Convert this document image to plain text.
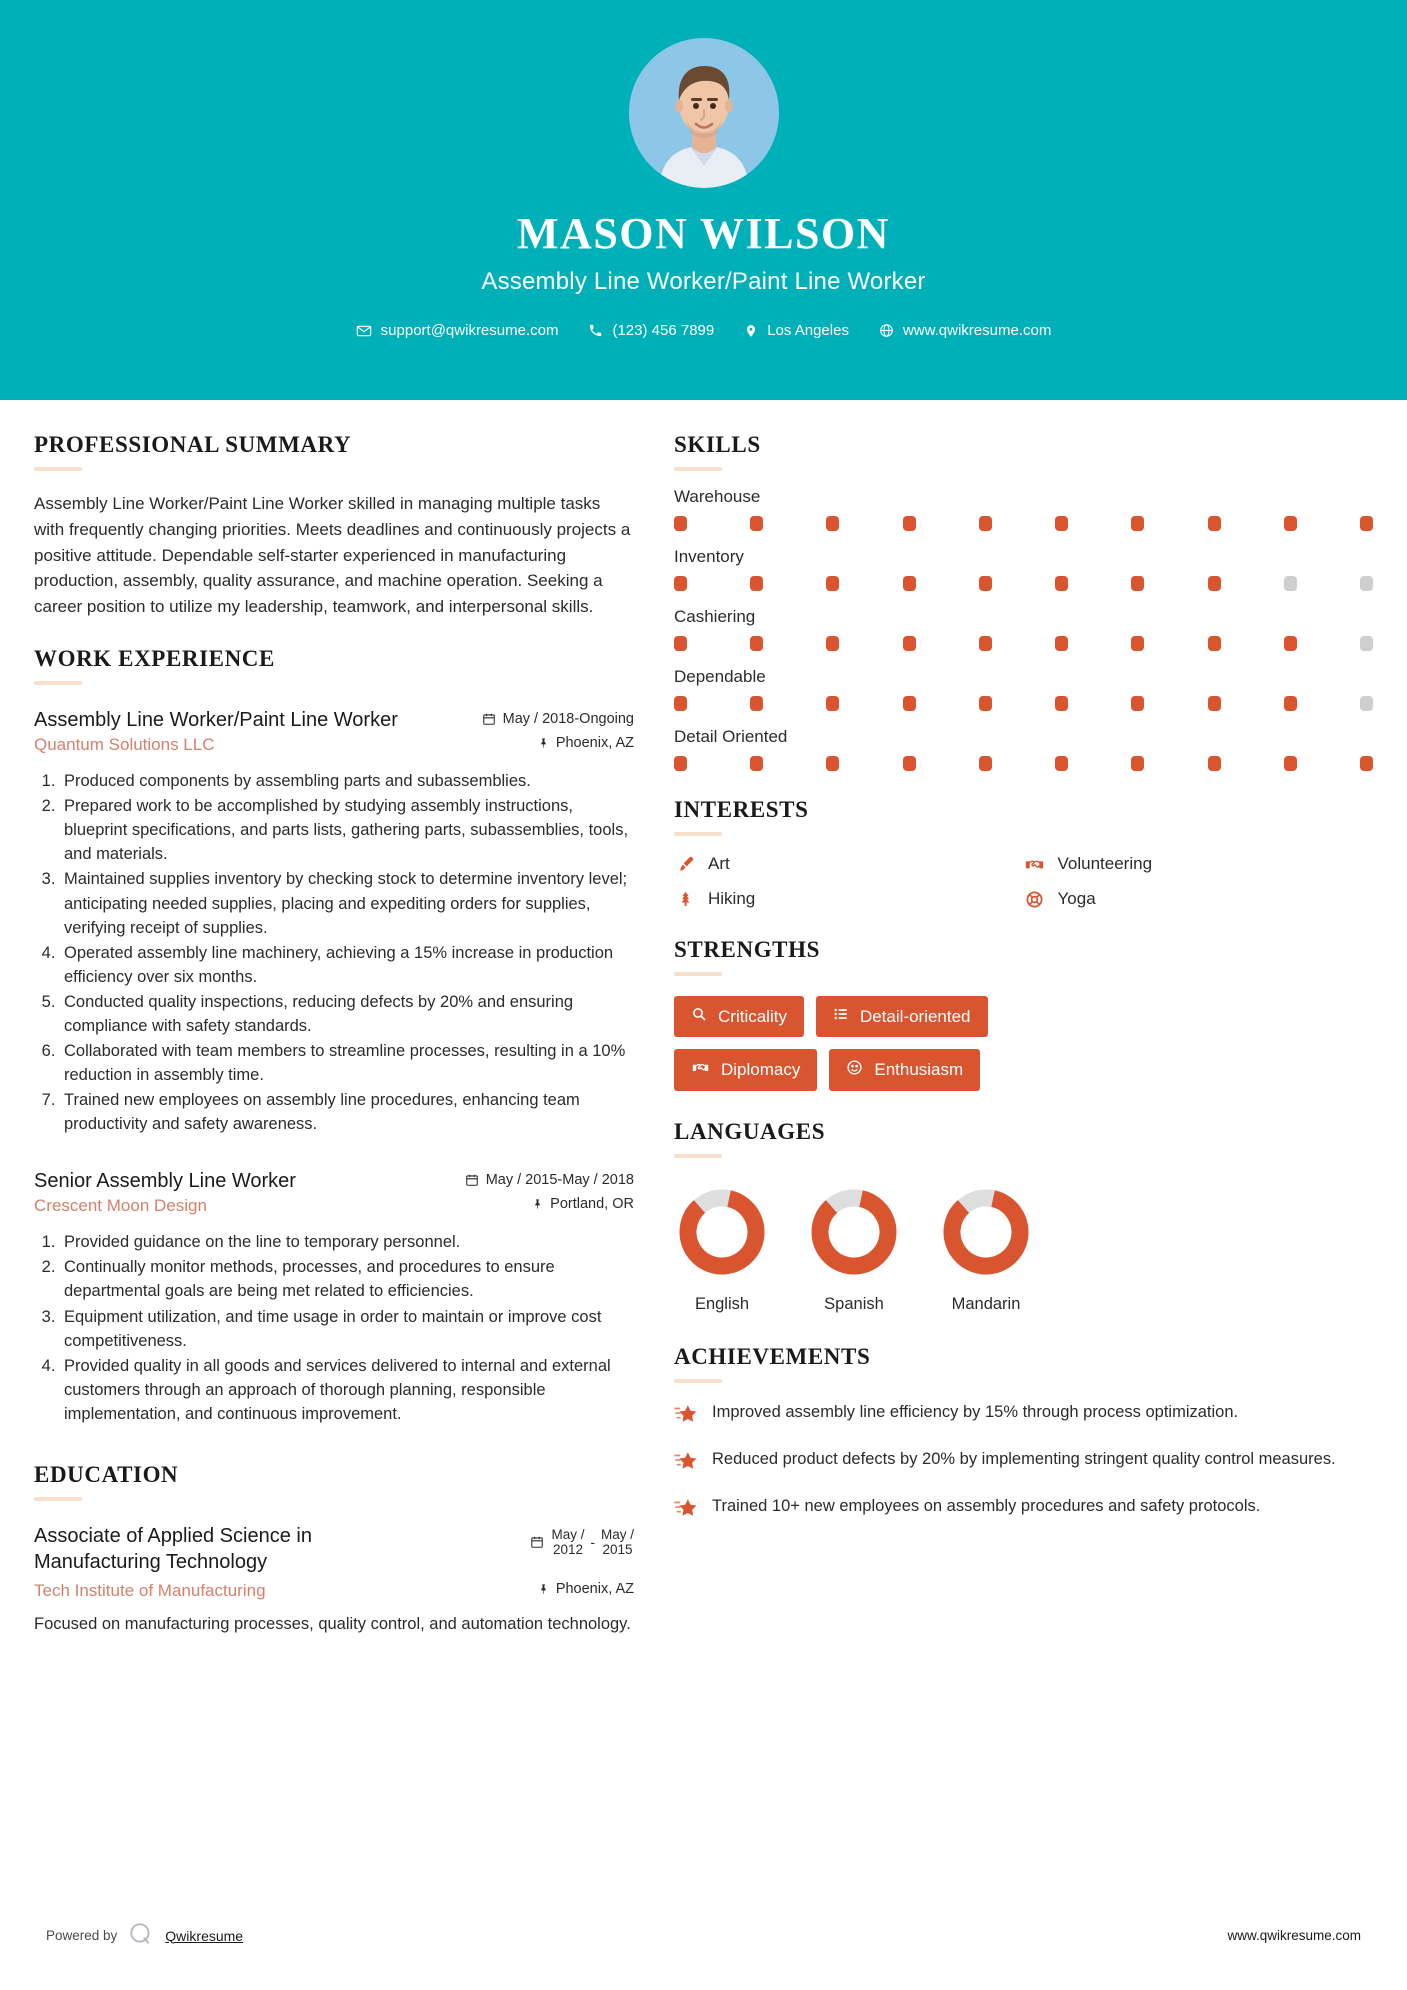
MASON WILSON
Assembly Line Worker/Paint Line Worker
support@qwikresume.com	(123) 456 7899	Los Angeles	www.qwikresume.com
PROFESSIONAL SUMMARY
Assembly Line Worker/Paint Line Worker skilled in managing multiple tasks with frequently changing priorities. Meets deadlines and continuously projects a positive attitude. Dependable self-starter experienced in manufacturing production, assembly, quality assurance, and machine operation. Seeking a career position to utilize my leadership, teamwork, and interpersonal skills.
WORK EXPERIENCE
Assembly Line Worker/Paint Line Worker	May / 2018-Ongoing
Quantum Solutions LLC	Phoenix, AZ
1. Produced components by assembling parts and subassemblies.
2. Prepared work to be accomplished by studying assembly instructions, blueprint specifications, and parts lists, gathering parts, subassemblies, tools, and materials.
3. Maintained supplies inventory by checking stock to determine inventory level; anticipating needed supplies, placing and expediting orders for supplies, verifying receipt of supplies.
4. Operated assembly line machinery, achieving a 15% increase in production efficiency over six months.
5. Conducted quality inspections, reducing defects by 20% and ensuring compliance with safety standards.
6. Collaborated with team members to streamline processes, resulting in a 10% reduction in assembly time.
7. Trained new employees on assembly line procedures, enhancing team productivity and safety awareness.
Senior Assembly Line Worker	May / 2015-May / 2018
Crescent Moon Design	Portland, OR
1. Provided guidance on the line to temporary personnel.
2. Continually monitor methods, processes, and procedures to ensure departmental goals are being met related to efficiencies.
3. Equipment utilization, and time usage in order to maintain or improve cost competitiveness.
4. Provided quality in all goods and services delivered to internal and external customers through an approach of thorough planning, responsible implementation, and continuous improvement.
EDUCATION
Associate of Applied Science in Manufacturing Technology
May /
2012
-
May /
2015
Tech Institute of Manufacturing	Phoenix, AZ
Focused on manufacturing processes, quality control, and automation technology.
SKILLS
Warehouse
Inventory
Cashiering
Dependable
Detail Oriented
INTERESTS
Art	Volunteering
Hiking	Yoga
STRENGTHS
Criticality	Detail-oriented
Diplomacy	Enthusiasm
LANGUAGES
English	Spanish	Mandarin
ACHIEVEMENTS
Improved assembly line efficiency by 15% through process optimization.
Reduced product defects by 20% by implementing stringent quality control measures.
Trained 10+ new employees on assembly procedures and safety protocols.
Powered by	Qwikresume	www.qwikresume.com
